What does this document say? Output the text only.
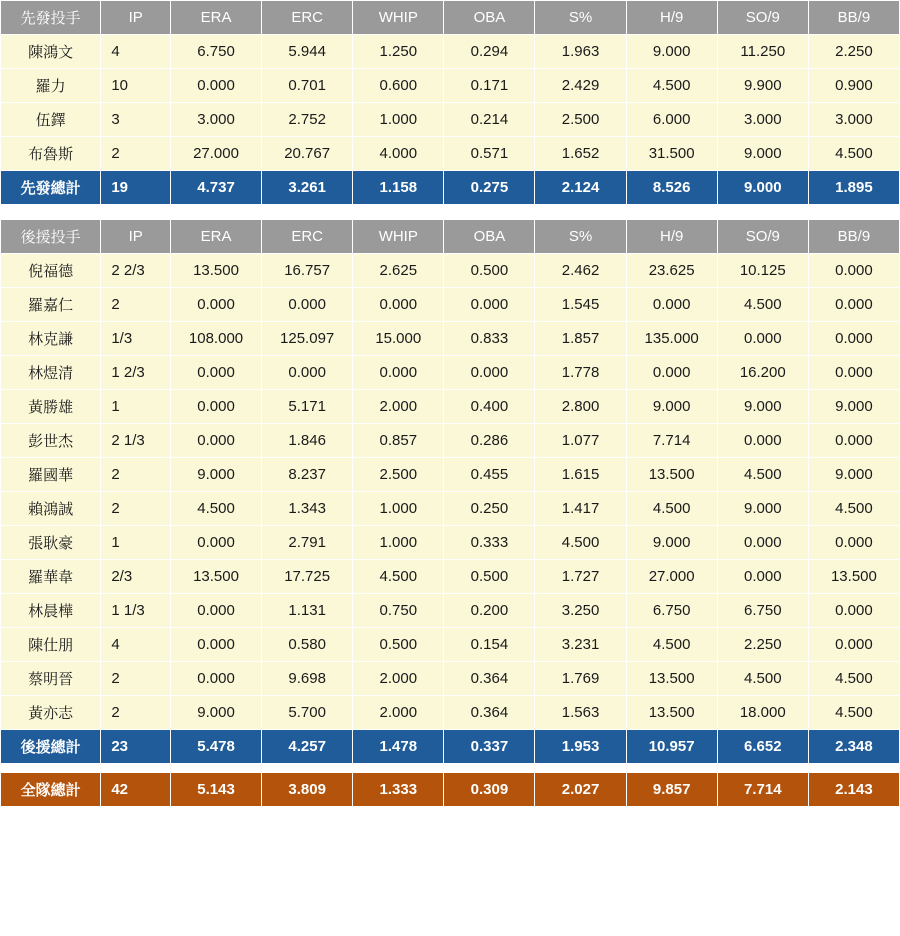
先發投手	IP	ERA	ERC	WHIP	OBA	S%	H/9	SO/9	BB/9
陳鴻文	4	6.750	5.944	1.250	0.294	1.963	9.000	11.250	2.250
羅力	10	0.000	0.701	0.600	0.171	2.429	4.500	9.900	0.900
伍鐸	3	3.000	2.752	1.000	0.214	2.500	6.000	3.000	3.000
布魯斯	2	27.000	20.767	4.000	0.571	1.652	31.500	9.000	4.500
先發總計	19	4.737	3.261	1.158	0.275	2.124	8.526	9.000	1.895
後援投手	IP	ERA	ERC	WHIP	OBA	S%	H/9	SO/9	BB/9
倪福德	2 2/3	13.500	16.757	2.625	0.500	2.462	23.625	10.125	0.000
羅嘉仁	2	0.000	0.000	0.000	0.000	1.545	0.000	4.500	0.000
林克謙	1/3	108.000	125.097	15.000	0.833	1.857	135.000	0.000	0.000
林煜清	1 2/3	0.000	0.000	0.000	0.000	1.778	0.000	16.200	0.000
黃勝雄	1	0.000	5.171	2.000	0.400	2.800	9.000	9.000	9.000
彭世杰	2 1/3	0.000	1.846	0.857	0.286	1.077	7.714	0.000	0.000
羅國華	2	9.000	8.237	2.500	0.455	1.615	13.500	4.500	9.000
賴鴻誠	2	4.500	1.343	1.000	0.250	1.417	4.500	9.000	4.500
張耿豪	1	0.000	2.791	1.000	0.333	4.500	9.000	0.000	0.000
羅華韋	2/3	13.500	17.725	4.500	0.500	1.727	27.000	0.000	13.500
林晨樺	1 1/3	0.000	1.131	0.750	0.200	3.250	6.750	6.750	0.000
陳仕朋	4	0.000	0.580	0.500	0.154	3.231	4.500	2.250	0.000
蔡明晉	2	0.000	9.698	2.000	0.364	1.769	13.500	4.500	4.500
黃亦志	2	9.000	5.700	2.000	0.364	1.563	13.500	18.000	4.500
後援總計	23	5.478	4.257	1.478	0.337	1.953	10.957	6.652	2.348
全隊總計	42	5.143	3.809	1.333	0.309	2.027	9.857	7.714	2.143
